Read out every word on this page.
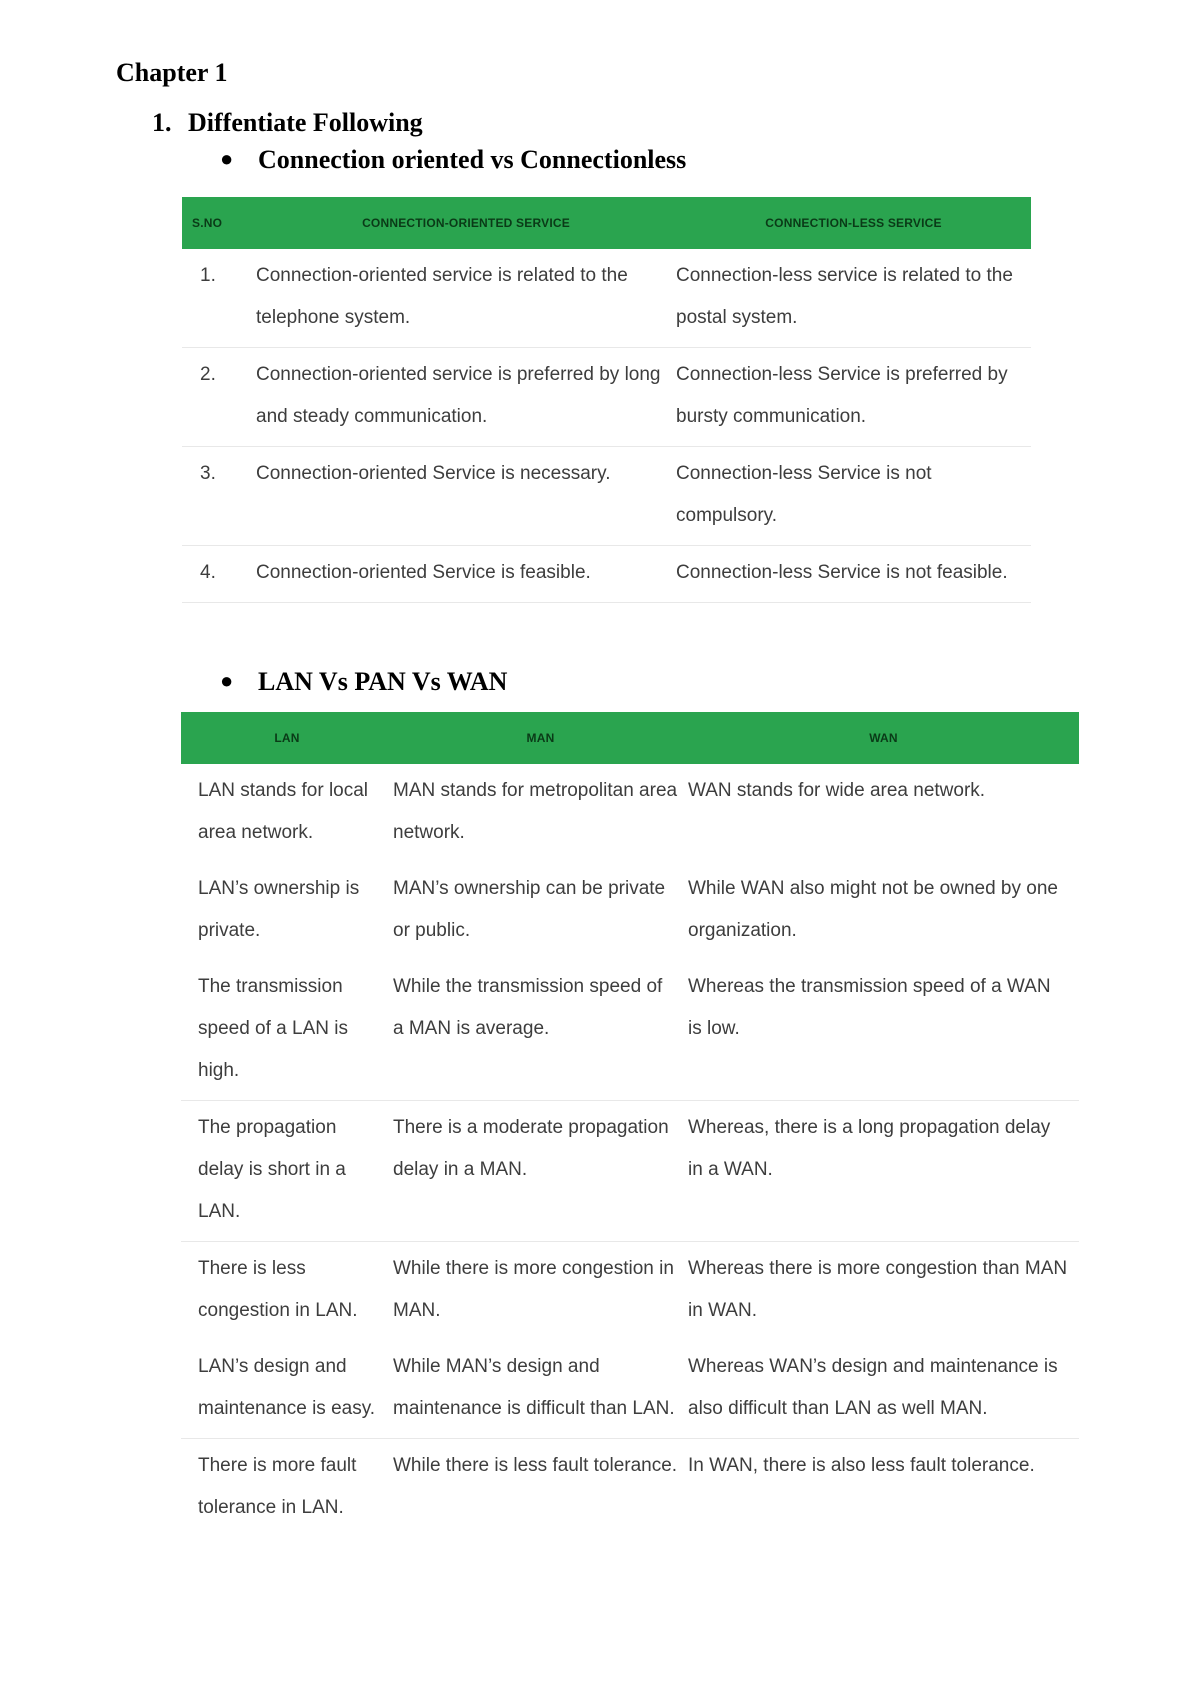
Chapter 1
1. Diffentiate Following
● Connection oriented vs Connectionless
S.NO	CONNECTION-ORIENTED SERVICE	CONNECTION-LESS SERVICE
1.	Connection-oriented service is related to the telephone system.	Connection-less service is related to the postal system.
2.	Connection-oriented service is preferred by long and steady communication.	Connection-less Service is preferred by bursty communication.
3.	Connection-oriented Service is necessary.	Connection-less Service is not compulsory.
4.	Connection-oriented Service is feasible.	Connection-less Service is not feasible.
● LAN Vs PAN Vs WAN
LAN	MAN	WAN
LAN stands for local area network.	MAN stands for metropolitan area network.	WAN stands for wide area network.
LAN’s ownership is private.	MAN’s ownership can be private or public.	While WAN also might not be owned by one organization.
The transmission speed of a LAN is high.	While the transmission speed of a MAN is average.	Whereas the transmission speed of a WAN is low.
The propagation delay is short in a LAN.	There is a moderate propagation delay in a MAN.	Whereas, there is a long propagation delay in a WAN.
There is less congestion in LAN.	While there is more congestion in MAN.	Whereas there is more congestion than MAN in WAN.
LAN’s design and maintenance is easy.	While MAN’s design and maintenance is difficult than LAN.	Whereas WAN’s design and maintenance is also difficult than LAN as well MAN.
There is more fault tolerance in LAN.	While there is less fault tolerance.	In WAN, there is also less fault tolerance.
